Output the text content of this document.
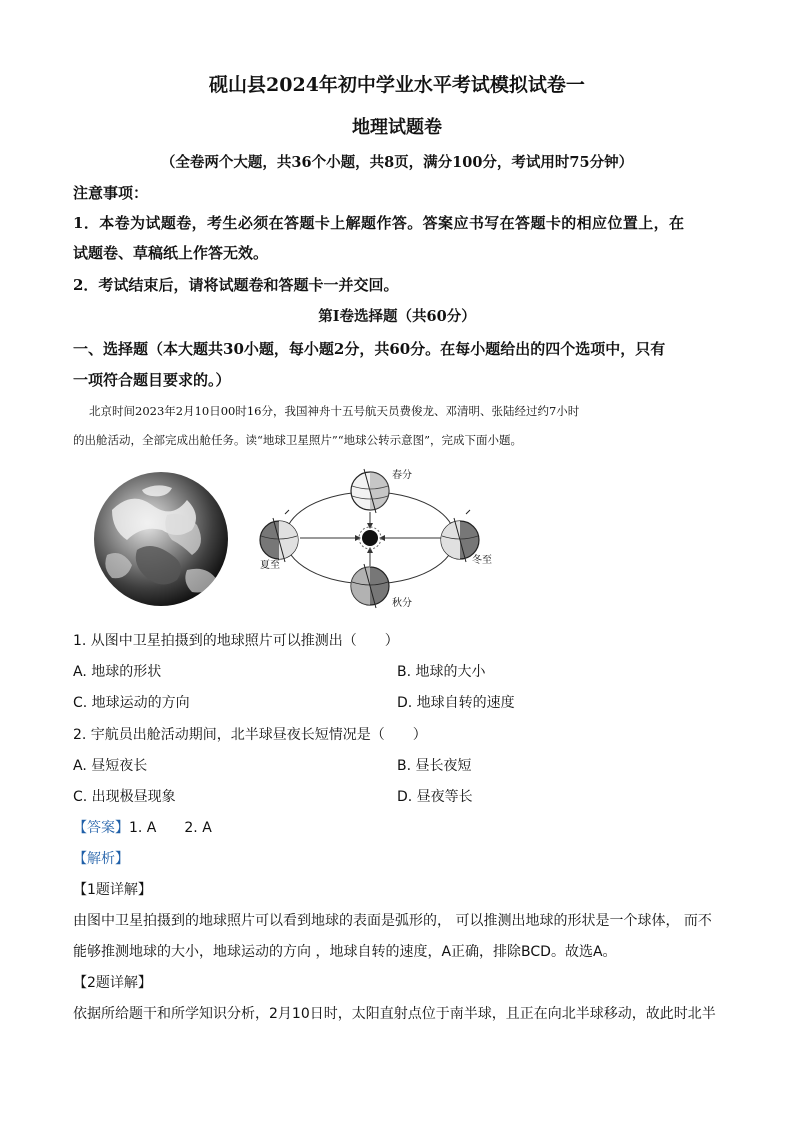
砚山县2024年初中学业水平考试模拟试卷一
地理试题卷
（全卷两个大题，共36个小题，共8页，满分100分，考试用时75分钟）
注意事项：
1．本卷为试题卷，考生必须在答题卡上解题作答。答案应书写在答题卡的相应位置上，在
试题卷、草稿纸上作答无效。
2．考试结束后，请将试题卷和答题卡一并交回。
第Ⅰ卷选择题（共60分）
一、选择题（本大题共30小题，每小题2分，共60分。在每小题给出的四个选项中，只有
一项符合题目要求的。）
北京时间2023年2月10日00时16分，我国神舟十五号航天员费俊龙、邓清明、张陆经过约7小时
的出舱活动，全部完成出舱任务。读“地球卫星照片”“地球公转示意图”，完成下面小题。
春分
秋分
夏至	冬至
1. 从图中卫星拍摄到的地球照片可以推测出（　　）
A. 地球的形状	B. 地球的大小
C. 地球运动的方向	D. 地球自转的速度
2. 宇航员出舱活动期间，北半球昼夜长短情况是（　　）
A. 昼短夜长	B. 昼长夜短
C. 出现极昼现象	D. 昼夜等长
【答案】1. A　　2. A
【解析】
【1题详解】
由图中卫星拍摄到的地球照片可以看到地球的表面是弧形的， 可以推测出地球的形状是一个球体， 而不
能够推测地球的大小，地球运动的方向 ，地球自转的速度，A正确，排除BCD。故选A。
【2题详解】
依据所给题干和所学知识分析，2月10日时，太阳直射点位于南半球，且正在向北半球移动，故此时北半
